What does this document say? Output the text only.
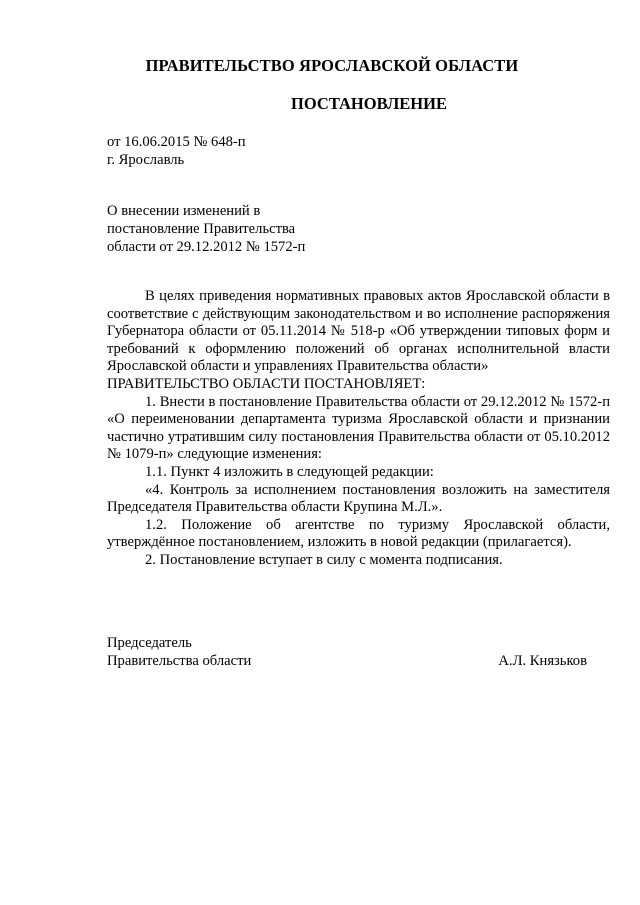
ПРАВИТЕЛЬСТВО ЯРОСЛАВСКОЙ ОБЛАСТИ
ПОСТАНОВЛЕНИЕ
от 16.06.2015 № 648-п
г. Ярославль
О внесении изменений в
постановление Правительства
области от 29.12.2012 № 1572-п

В целях приведения нормативных правовых актов Ярославской области в соответствие с действующим законодательством и во исполнение распоряжения Губернатора области от 05.11.2014 № 518-р «Об утверждении типовых форм и требований к оформлению положений об органах исполнительной власти Ярославской области и управлениях Правительства области»

ПРАВИТЕЛЬСТВО ОБЛАСТИ ПОСТАНОВЛЯЕТ:

1. Внести в постановление Правительства области от 29.12.2012 № 1572-п «О переименовании департамента туризма Ярославской области и признании частично утратившим силу постановления Правительства области от 05.10.2012 № 1079-п» следующие изменения:

1.1. Пункт 4 изложить в следующей редакции:

«4. Контроль за исполнением постановления возложить на заместителя Председателя Правительства области Крупина М.Л.».

1.2. Положение об агентстве по туризму Ярославской области, утверждённое постановлением, изложить в новой редакции (прилагается).

2. Постановление вступает в силу с момента подписания.

Председатель
Правительства области	А.Л. Князьков
